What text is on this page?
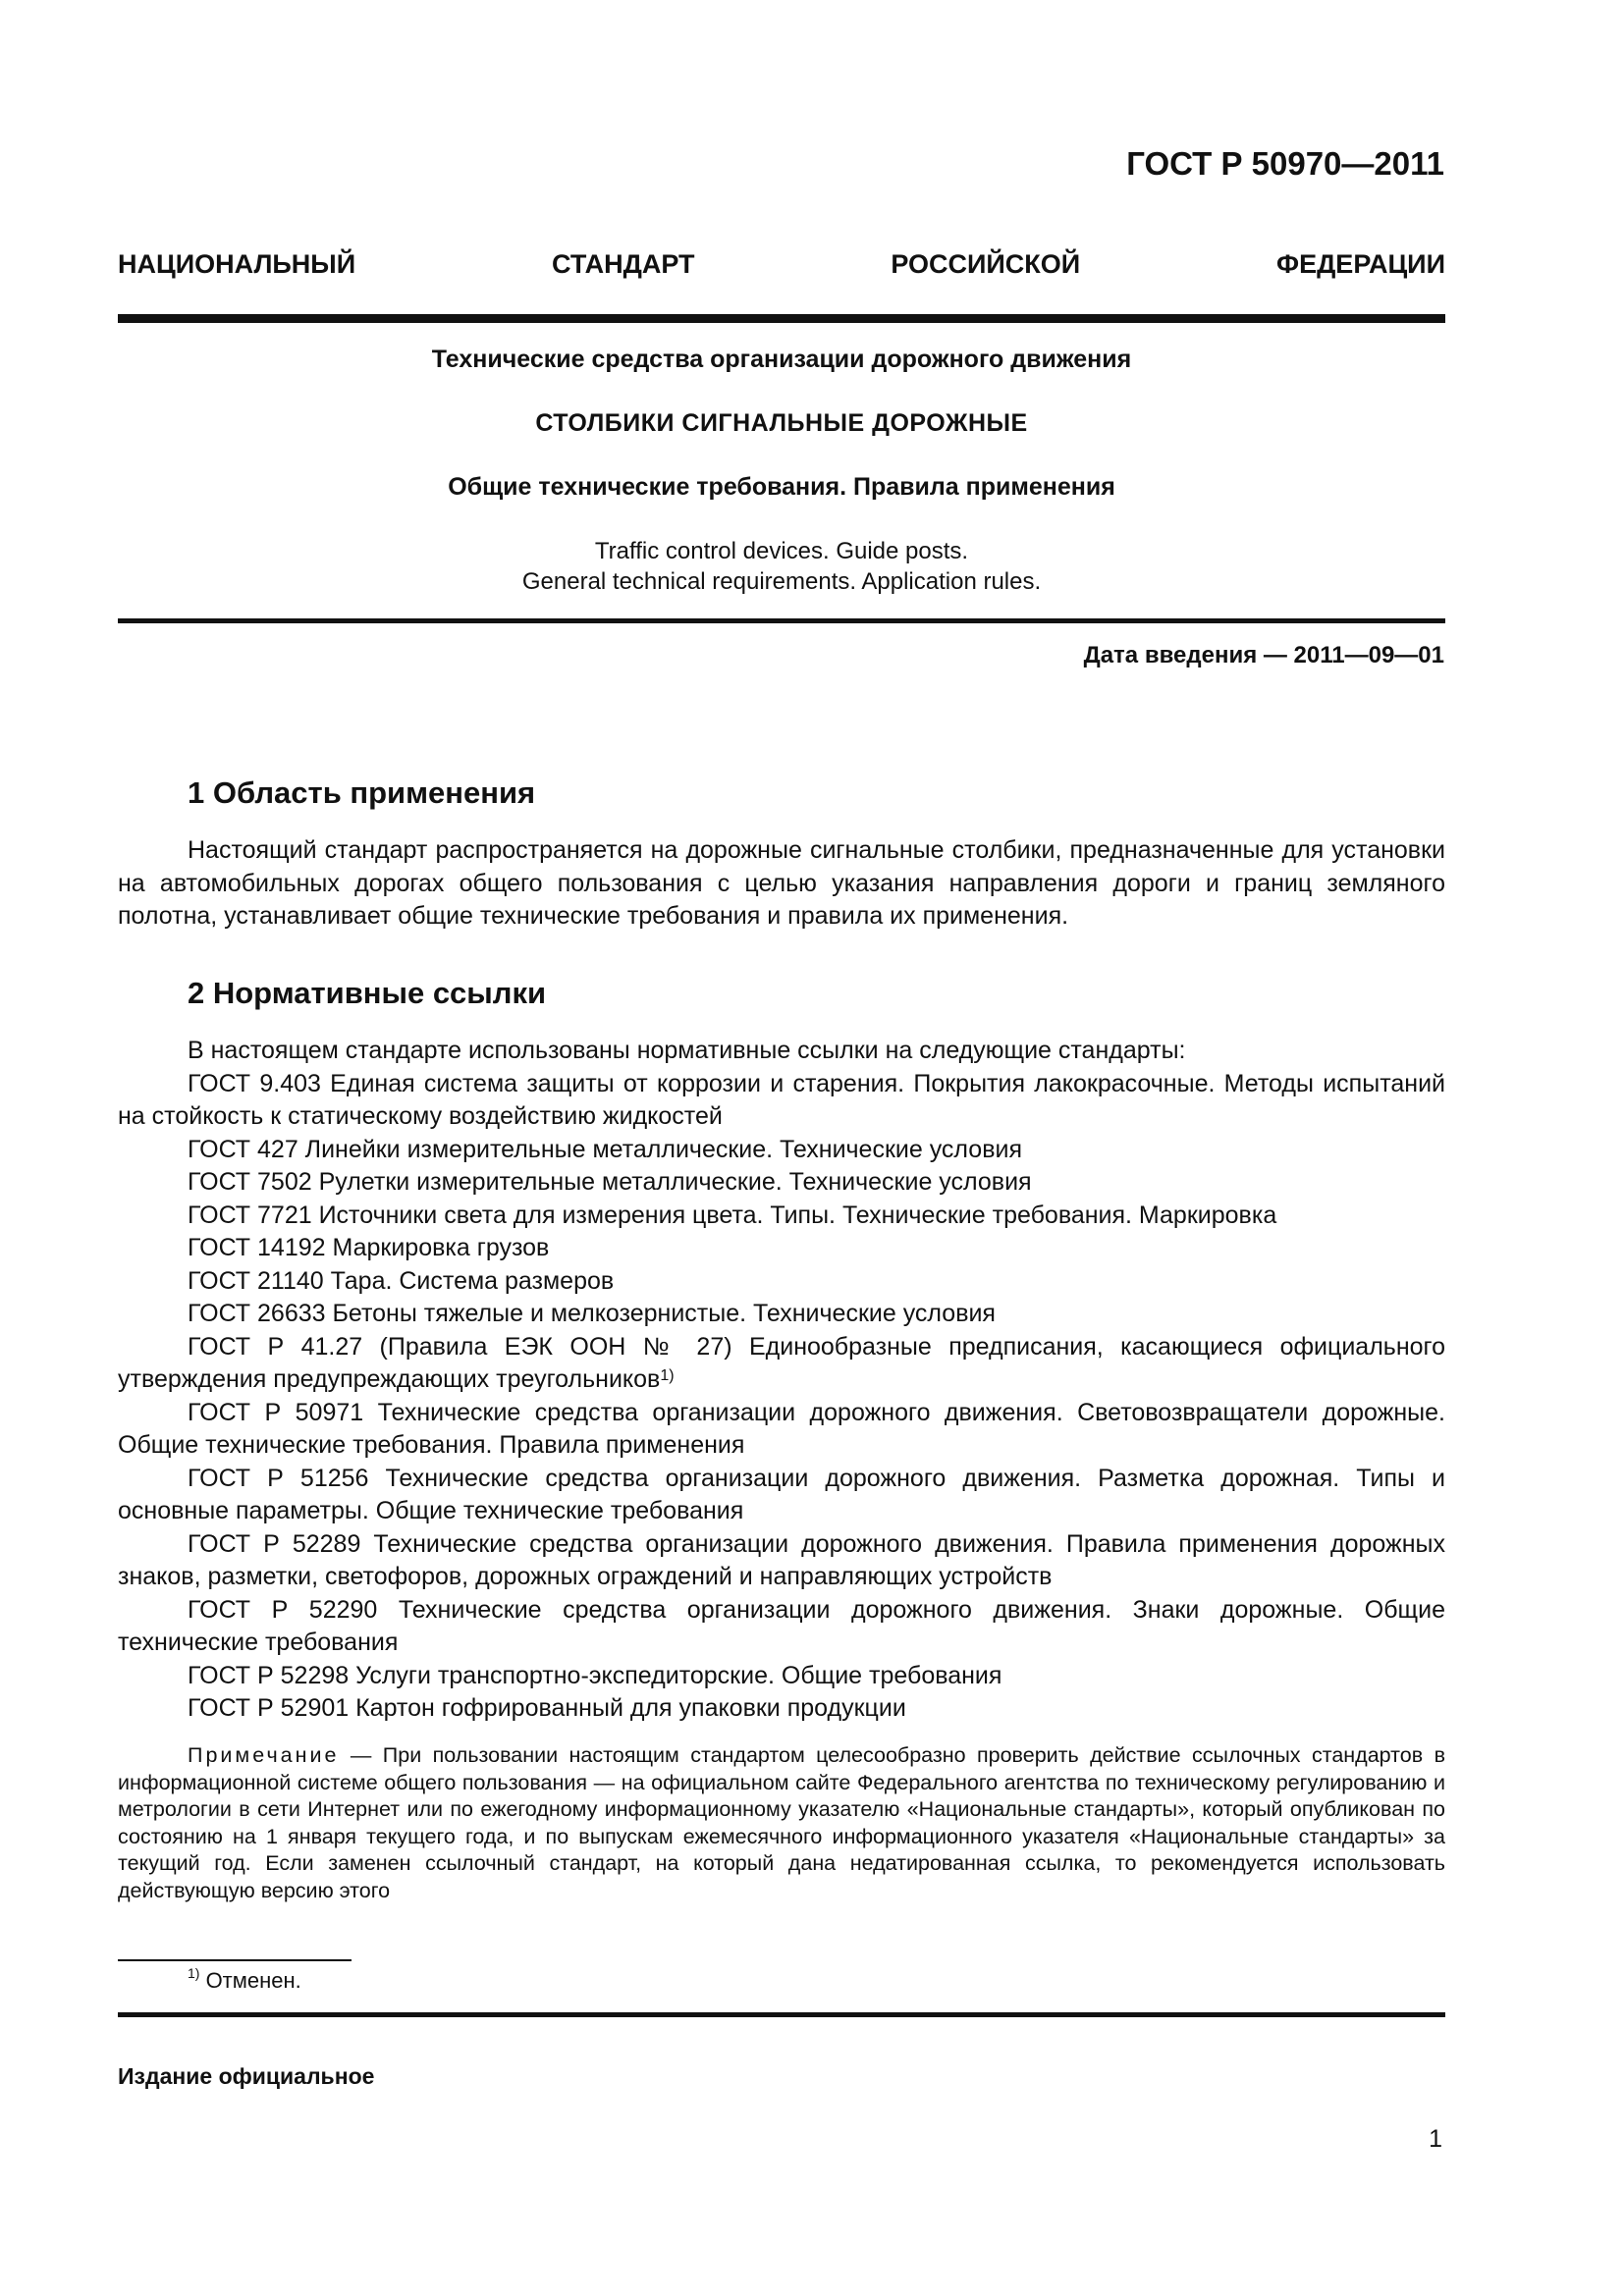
ГОСТ Р 50970—2011
НАЦИОНАЛЬНЫЙ СТАНДАРТ РОССИЙСКОЙ ФЕДЕРАЦИИ
Технические средства организации дорожного движения
СТОЛБИКИ СИГНАЛЬНЫЕ ДОРОЖНЫЕ
Общие технические требования. Правила применения
Traffic control devices. Guide posts.
General technical requirements. Application rules.
Дата введения — 2011—09—01
1 Область применения

Настоящий стандарт распространяется на дорожные сигнальные столбики, предназначенные для установки на автомобильных дорогах общего пользования с целью указания направления дороги и границ земляного полотна, устанавливает общие технические требования и правила их применения.

2 Нормативные ссылки

В настоящем стандарте использованы нормативные ссылки на следующие стандарты:

ГОСТ 9.403 Единая система защиты от коррозии и старения. Покрытия лакокрасочные. Методы испытаний на стойкость к статическому воздействию жидкостей

ГОСТ 427 Линейки измерительные металлические. Технические условия

ГОСТ 7502 Рулетки измерительные металлические. Технические условия

ГОСТ 7721 Источники света для измерения цвета. Типы. Технические требования. Маркировка

ГОСТ 14192 Маркировка грузов

ГОСТ 21140 Тара. Система размеров

ГОСТ 26633 Бетоны тяжелые и мелкозернистые. Технические условия

ГОСТ Р 41.27 (Правила ЕЭК ООН № 27) Единообразные предписания, касающиеся официального утверждения предупреждающих треугольников$^{1)}$

ГОСТ Р 50971 Технические средства организации дорожного движения. Световозвращатели дорожные. Общие технические требования. Правила применения

ГОСТ Р 51256 Технические средства организации дорожного движения. Разметка дорожная. Типы и основные параметры. Общие технические требования

ГОСТ Р 52289 Технические средства организации дорожного движения. Правила применения дорожных знаков, разметки, светофоров, дорожных ограждений и направляющих устройств

ГОСТ Р 52290 Технические средства организации дорожного движения. Знаки дорожные. Общие технические требования

ГОСТ Р 52298 Услуги транспортно-экспедиторские. Общие требования

ГОСТ Р 52901 Картон гофрированный для упаковки продукции

Примечание — При пользовании настоящим стандартом целесообразно проверить действие ссылочных стандартов в информационной системе общего пользования — на официальном сайте Федерального агентства по техническому регулированию и метрологии в сети Интернет или по ежегодному информационному указателю «Национальные стандарты», который опубликован по состоянию на 1 января текущего года, и по выпускам ежемесячного информационного указателя «Национальные стандарты» за текущий год. Если заменен ссылочный стандарт, на который дана недатированная ссылка, то рекомендуется использовать действующую версию этого

$^{1)}$ Отменен.
Издание официальное
1
